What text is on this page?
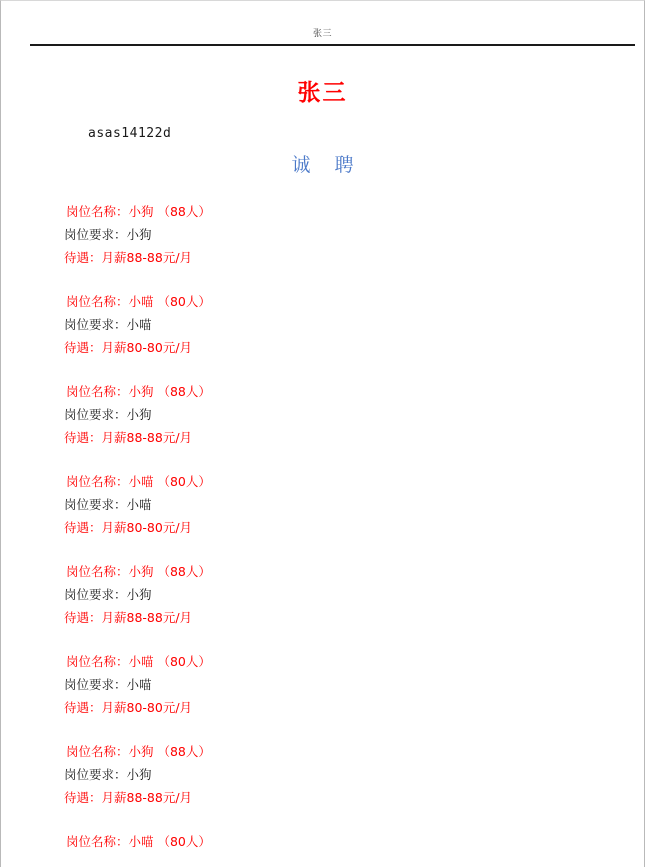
张三
张三
asas14122d
诚 聘
岗位名称：小狗 （88人）
岗位要求：小狗
待遇：月薪88-88元/月
岗位名称：小喵 （80人）
岗位要求：小喵
待遇：月薪80-80元/月
岗位名称：小狗 （88人）
岗位要求：小狗
待遇：月薪88-88元/月
岗位名称：小喵 （80人）
岗位要求：小喵
待遇：月薪80-80元/月
岗位名称：小狗 （88人）
岗位要求：小狗
待遇：月薪88-88元/月
岗位名称：小喵 （80人）
岗位要求：小喵
待遇：月薪80-80元/月
岗位名称：小狗 （88人）
岗位要求：小狗
待遇：月薪88-88元/月
岗位名称：小喵 （80人）
